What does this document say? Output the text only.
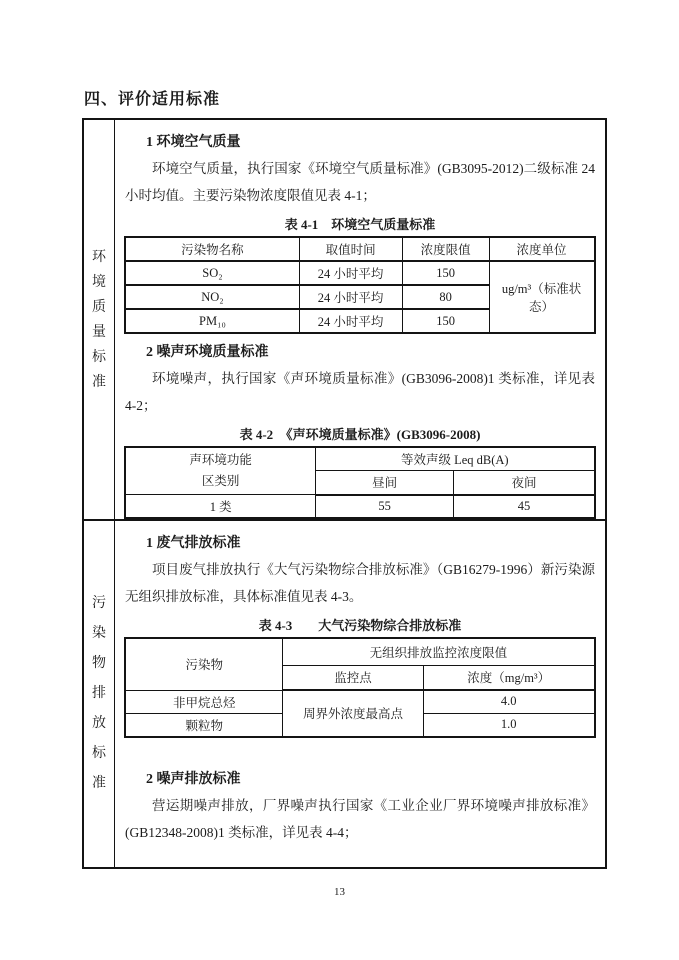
四、评价适用标准
环境质量标准
1 环境空气质量

环境空气质量，执行国家《环境空气质量标准》(GB3095-2012)二级标准 24 小时均值。主要污染物浓度限值见表 4-1；

表 4-1　环境空气质量标准
污染物名称	取值时间	浓度限值	浓度单位
SO₂	24 小时平均	150	ug/m³（标准状态）
NO₂	24 小时平均	80	
PM₁₀	24 小时平均	150	
2 噪声环境质量标准

环境噪声，执行国家《声环境质量标准》(GB3096-2008)1 类标准，详见表 4-2；

表 4-2　《声环境质量标准》(GB3096-2008)
声环境功能
区类别	等效声级 Leq dB(A)	
	昼间	夜间
1 类	55	45
污染物排放标准
1 废气排放标准

项目废气排放执行《大气污染物综合排放标准》（GB16279-1996）新污染源无组织排放标准，具体标准值见表 4-3。

表 4-3　　大气污染物综合排放标准
污染物	无组织排放监控浓度限值	
	监控点	浓度（mg/m³）
非甲烷总烃	周界外浓度最高点	4.0
颗粒物		1.0
2 噪声排放标准

营运期噪声排放，厂界噪声执行国家《工业企业厂界环境噪声排放标准》(GB12348-2008)1 类标准，详见表 4-4；

13
